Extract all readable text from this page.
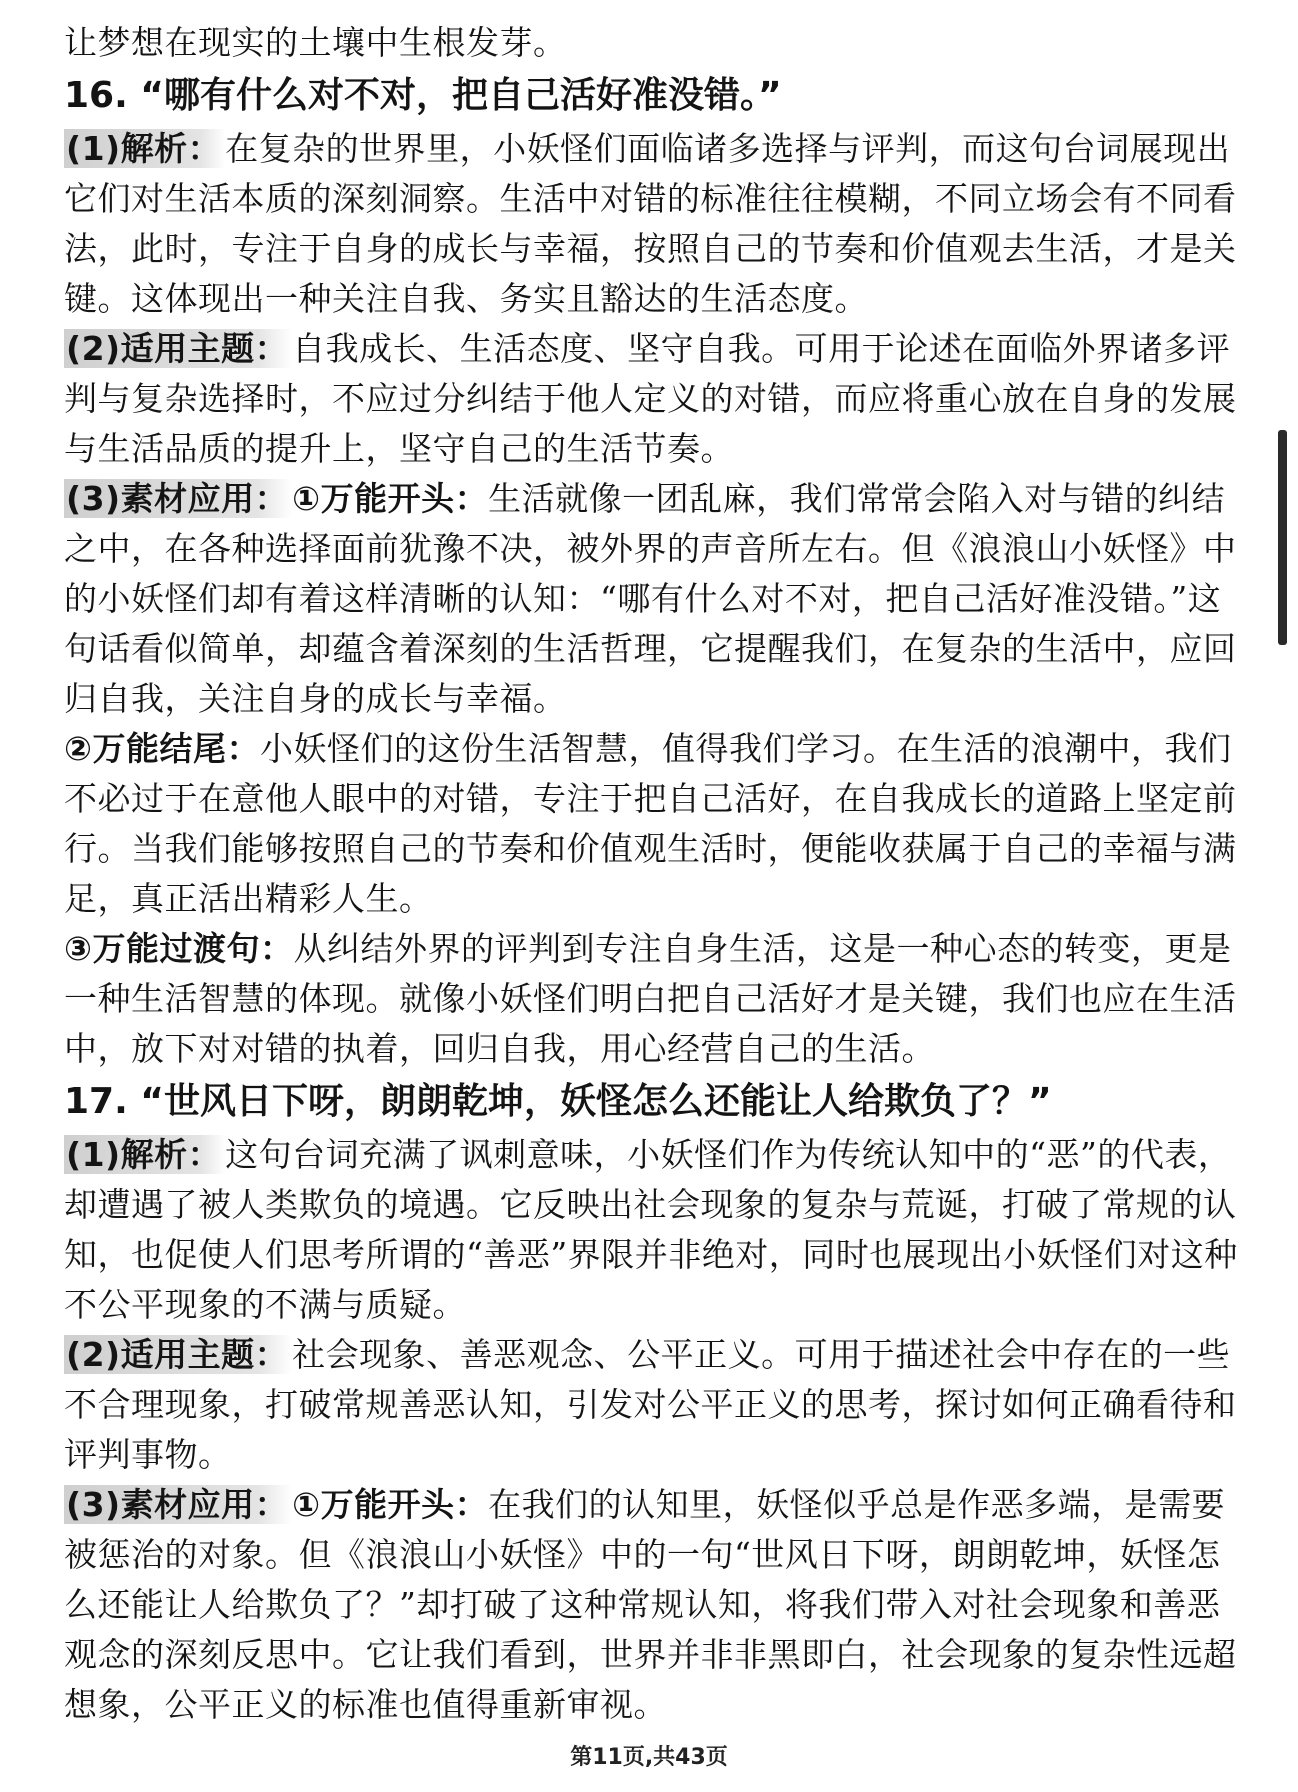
让梦想在现实的土壤中生根发芽。

16. “哪有什么对不对，把自己活好准没错。”

(1)解析： 在复杂的世界里，小妖怪们面临诸多选择与评判，而这句台词展现出它们对生活本质的深刻洞察。生活中对错的标准往往模糊，不同立场会有不同看法，此时，专注于自身的成长与幸福，按照自己的节奏和价值观去生活，才是关键。这体现出一种关注自我、务实且豁达的生活态度。

(2)适用主题： 自我成长、生活态度、坚守自我。可用于论述在面临外界诸多评判与复杂选择时，不应过分纠结于他人定义的对错，而应将重心放在自身的发展与生活品质的提升上，坚守自己的生活节奏。

(3)素材应用： ①万能开头：生活就像一团乱麻，我们常常会陷入对与错的纠结之中，在各种选择面前犹豫不决，被外界的声音所左右。但《浪浪山小妖怪》中的小妖怪们却有着这样清晰的认知：“哪有什么对不对，把自己活好准没错。”这句话看似简单，却蕴含着深刻的生活哲理，它提醒我们，在复杂的生活中，应回归自我，关注自身的成长与幸福。

②万能结尾：小妖怪们的这份生活智慧，值得我们学习。在生活的浪潮中，我们不必过于在意他人眼中的对错，专注于把自己活好，在自我成长的道路上坚定前行。当我们能够按照自己的节奏和价值观生活时，便能收获属于自己的幸福与满足，真正活出精彩人生。

③万能过渡句：从纠结外界的评判到专注自身生活，这是一种心态的转变，更是一种生活智慧的体现。就像小妖怪们明白把自己活好才是关键，我们也应在生活中，放下对对错的执着，回归自我，用心经营自己的生活。

17. “世风日下呀，朗朗乾坤，妖怪怎么还能让人给欺负了？”

(1)解析： 这句台词充满了讽刺意味，小妖怪们作为传统认知中的“恶”的代表，却遭遇了被人类欺负的境遇。它反映出社会现象的复杂与荒诞，打破了常规的认知，也促使人们思考所谓的“善恶”界限并非绝对，同时也展现出小妖怪们对这种不公平现象的不满与质疑。

(2)适用主题： 社会现象、善恶观念、公平正义。可用于描述社会中存在的一些不合理现象，打破常规善恶认知，引发对公平正义的思考，探讨如何正确看待和评判事物。

(3)素材应用： ①万能开头：在我们的认知里，妖怪似乎总是作恶多端，是需要被惩治的对象。但《浪浪山小妖怪》中的一句“世风日下呀，朗朗乾坤，妖怪怎么还能让人给欺负了？”却打破了这种常规认知，将我们带入对社会现象和善恶观念的深刻反思中。它让我们看到，世界并非非黑即白，社会现象的复杂性远超想象，公平正义的标准也值得重新审视。

第11页,共43页
